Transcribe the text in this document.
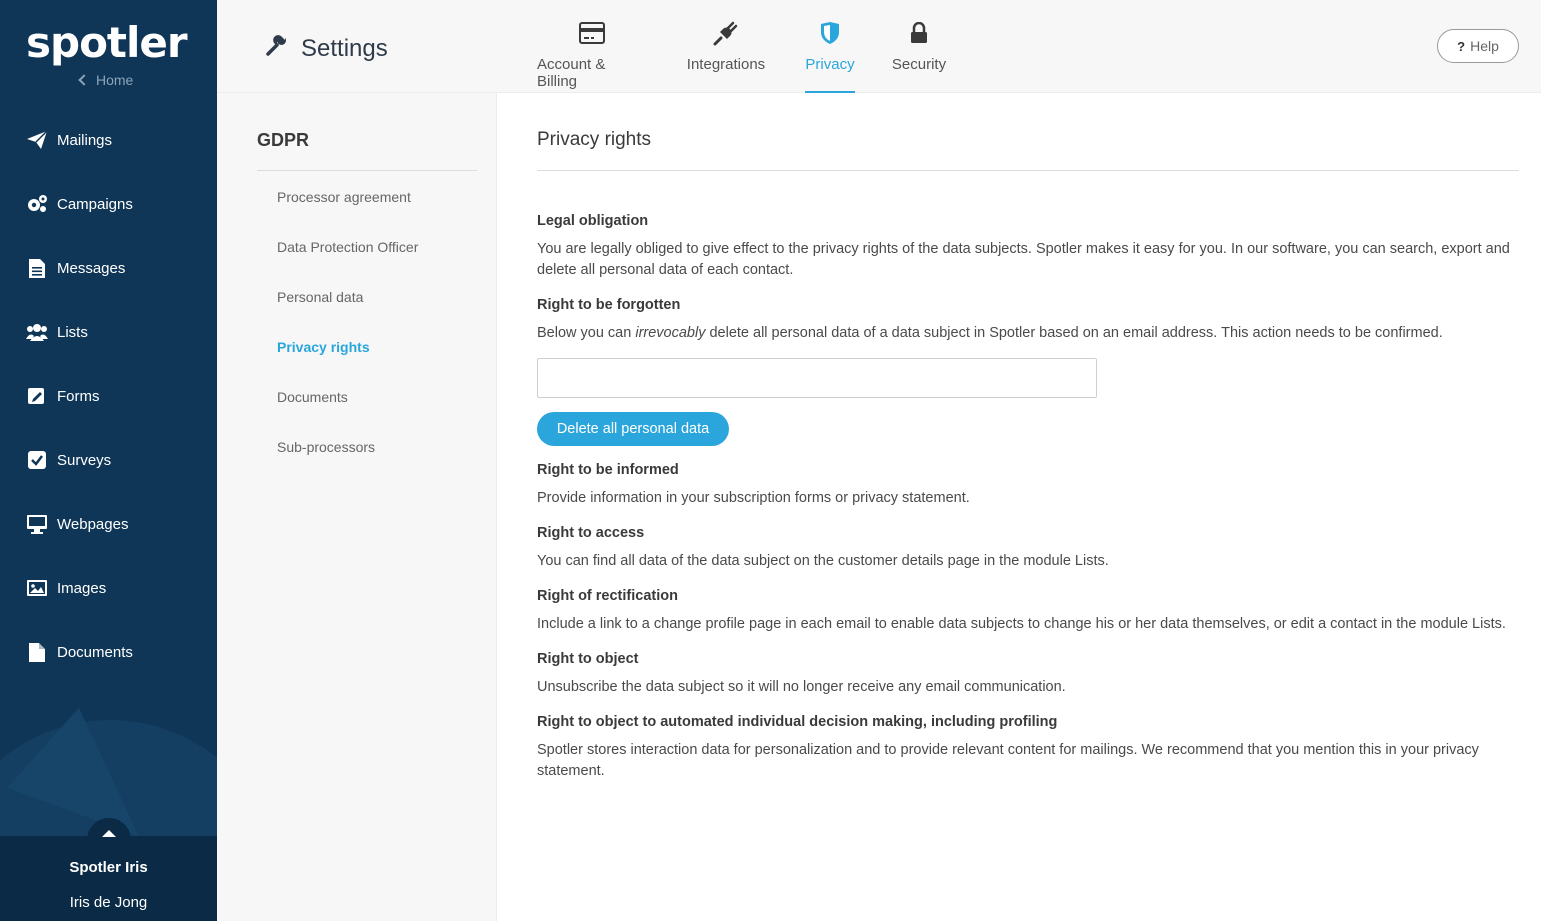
spotler
Home
Mailings
Campaigns
Messages
Lists
Forms
Surveys
Webpages
Images
Documents
Spotler Iris
Iris de Jong
Settings
Account & Billing
Integrations	Privacy Security
? Help
GDPR
Processor agreement
Data Protection Officer
Personal data
Privacy rights
Documents
Sub-processors
Privacy rights
Legal obligation
You are legally obliged to give effect to the privacy rights of the data subjects. Spotler makes it easy for you. In our software, you can search, export and delete all personal data of each contact.
Right to be forgotten
Below you can irrevocably delete all personal data of a data subject in Spotler based on an email address. This action needs to be confirmed.
Delete all personal data
Right to be informed
Provide information in your subscription forms or privacy statement.
Right to access
You can find all data of the data subject on the customer details page in the module Lists.
Right of rectification
Include a link to a change profile page in each email to enable data subjects to change his or her data themselves, or edit a contact in the module Lists.
Right to object
Unsubscribe the data subject so it will no longer receive any email communication.
Right to object to automated individual decision making, including profiling
Spotler stores interaction data for personalization and to provide relevant content for mailings. We recommend that you mention this in your privacy statement.
